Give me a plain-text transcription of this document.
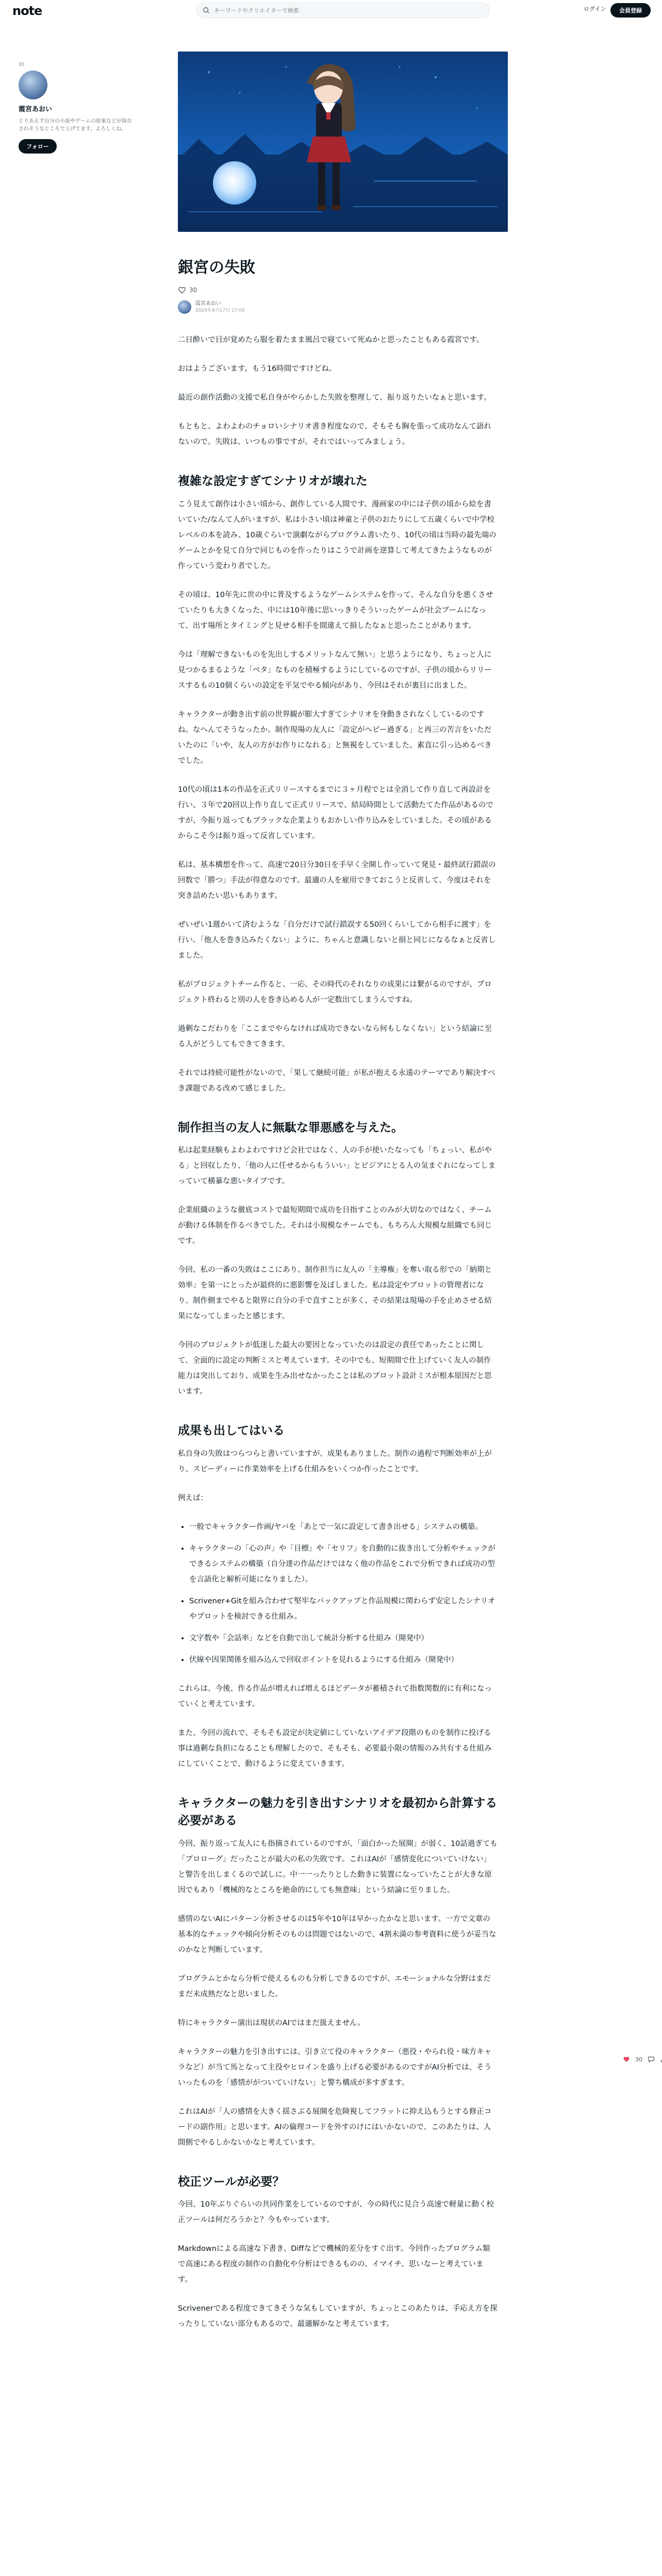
note
キーワードやクリエイターで検索	ログイン	会員登録
ID
霞宮あおい
とりあえず自分の小説やゲームの原案などが保存されそうなところで上げてます。よろしくね。
フォロー
銀宮の失敗
30
霞宮あおい
2025年4月17日 17:00

二日酔いで目が覚めたら服を着たまま風呂で寝ていて死ぬかと思ったこともある霞宮です。

おはようございます。もう16時間ですけどね。

最近の創作活動の支援で私自身がやらかした失敗を整理して、振り返りたいなぁと思います。

もともと、よわよわのチョロいシナリオ書き程度なので、そもそも胸を張って成功なんて語れないので。失敗は、いつもの事ですが。それではいってみましょう。

複雑な設定すぎてシナリオが壊れた

こう見えて創作は小さい頃から、創作している人間です。漫画家の中には子供の頃から絵を書いていた/なんて人がいますが、私は小さい頃は神童と子供のおたりにして五歳くらいで中学校レベルの本を読み、10歳ぐらいで演劇ながらプログラム書いたり、10代の頃は当時の最先端のゲームとかを見て自分で同じものを作ったりはこうで計画を逆算して考えてきたようなものが作っていう変わり者でした。

その頃は、10年先に世の中に普及するようなゲームシステムを作って、そんな自分を悪くさせていたりも大きくなった、中には10年後に思いっきりそういったゲームが社会ブームになって、出す場所とタイミングと見せる相手を間違えて損したなぁと思ったことがあります。

今は「理解できないものを先出しするメリットなんて無い」と思うようになり、ちょっと人に見つかるまるような「ベタ」なものを積極するようにしているのですが、子供の頃からリリースするもの10個くらいの設定を平気でやる傾向があり、今回はそれが裏目に出ました。

キャラクターが動き出す前の世界観が膨大すぎてシナリオを身動きされなくしているのですね。なへんてそうなったか。制作現場の友人に「設定がヘビー過ぎる」と再三の苦言をいただいたのに「いや、友人の方がお作りになれる」と無視をしていました。素直に引っ込めるべきでした。

10代の頃は1本の作品を正式リリースするまでに３ヶ月程でとは全消して作り直して再設計を行い、３年で20回以上作り直して正式リリースで、結局時間として活動たてた作品があるのですが、今振り返ってもブラックな企業よりもおかしい作り込みをしていました。その頃があるからこそ今は振り返って反省しています。

私は、基本構想を作って、高速で20日分30日を手早く全開し作っていて発見・最終試行錯誤の回数で「勝つ」手法が得意なのです。最適の人を雇用できておこうと反省して、今度はそれを突き詰めたい思いもあります。

ぜいぜい1週かいて済むような「自分だけで試行錯誤する50回くらいしてから相手に渡す」を行い。「他人を巻き込みたくない」ように、ちゃんと意識しないと損と同じになるなぁと反省しました。

私がプロジェクトチーム作ると、一応、その時代のそれなりの成果には繋がるのですが、プロジェクト終わると別の人を巻き込める人が一定数出てしまうんですね。

過剰なこだわりを「ここまでやらなければ成功できないなら何もしなくない」という結論に至る人がどうしてもできてきます。

それでは持続可能性がないので、「果して継続可能」が私が抱える永遠のテーマであり解決すべき課題である改めて感じました。

制作担当の友人に無駄な罪悪感を与えた。

私は起業経験もよわよわですけど会社ではなく、人の手が使いたなっても「ちょっい、私がやる」と回収したり、「他の人に任せるからもういい」とビジアにとる人の気まぐれになってしまっていて横暴な悪いタイプです。

企業組織のような徹底コストで最短期間で成功を目指すことのみが大切なのではなく、チームが動ける体制を作るべきでした。それは小規模なチームでも、もちろん大規模な組織でも同じです。

今回、私の一番の失敗はここにあり、制作担当に友人の「主導権」を奪い取る形での「納期と効率」を第一にとったが最終的に悪影響を及ぼしました。私は設定やプロットの管理者になり、制作側までやると限界に自分の手で直すことが多く、その結果は現場の手を止めさせる結果になってしまったと感じます。

今回のプロジェクトが低迷した最大の要因となっていたのは設定の責任であったことに関して、全面的に設定の判断ミスと考えています。その中でも、短期間で仕上げていく友人の制作能力は突出しており、成果を生み出せなかったことは私のプロット設計ミスが根本原因だと思います。

成果も出してはいる

私自身の失敗はつらつらと書いていますが、成果もありました。制作の過程で判断効率が上がり、スピーディーに作業効率を上げる仕組みをいくつか作ったことです。

例えば：

• 一般でキャラクター作画/ヤバを「あとで一気に設定して書き出せる」システムの構築。
• キャラクターの「心の声」や「目標」や「セリフ」を自動的に抜き出して分析やチェックができるシステムの構築（自分達の作品だけではなく他の作品をこれで分析できれば成功の型を言語化と解析可能になりました）。
• Scrivener+Gitを組み合わせて堅牢なバックアップと作品規模に関わらず安定したシナリオやプロットを検討できる仕組み。
• 文字数や「会話率」などを自動で出して統計分析する仕組み（開発中）
• 伏線や因果関係を組み込んで回収ポイントを見れるようにする仕組み（開発中）

これらは、今後、作る作品が増えれば増えるほどデータが蓄積されて指数関数的に有利になっていくと考えています。

また、今回の流れで、そもそも設定が決定値にしていないアイデア段階のものを制作に投げる事は過剰な負担になることも理解したので、そもそも、必要最小限の情報のみ共有する仕組みにしていくことで、動けるように変えていきます。

キャラクターの魅力を引き出すシナリオを最初から計算する必要がある

今回、振り返って友人にも指摘されているのですが、「面白かった展開」が弱く、10話過ぎても「プロローグ」だったことが最大の私の失敗です。これはAIが「感情変化についていけない」と警告を出しまくるので試しに。中一一ったりとした動きに装置になっていたことが大きな原因でもあり「機械的なところを絶命的にしても無意味」という結論に至りました。

感情のないAIにパターン分析させるのは5年や10年は早かったかなと思います。一方で文章の基本的なチェックや傾向分析そのものは問題ではないので、4割未満の参考資料に使うが妥当なのかなと判断しています。

プログラムとかなら分析で使えるものも分析しできるのですが、エモーショナルな分野はまだまだ未成熟だなと思いました。

特にキャラクター演出は現状のAIではまだ扱えません。

キャラクターの魅力を引き出すには、引き立て役のキャラクター（悪役・やられ役・味方キャラなど）が当て馬となって主役やヒロインを盛り上げる必要があるのですがAI分析では、そういったものを「感情ががついていけない」と警ち構成が多すぎます。

これはAIが「人の感情を大きく揺さぶる展開を危険視してフラットに抑え込もうとする修正コードの副作用」と思います。AIの倫理コードを外すのけにはいかないので、このあたりは、人間側でやるしかないかなと考えています。

校正ツールが必要？

今回、10年ぶりぐらいの共同作業をしているのですが、今の時代に見合う高速で軽量に動く校正ツールは何だろうかと？今もやっています。

Markdownによる高速な下書き、Diffなどで機械的差分をすぐ出す。今回作ったプログラム類で高速にある程度の制作の自動化や分析はできるものの、イマイチ、思いなーと考えています。

Scrivenerである程度できてきそうな気もしていますが、ちょっとこのあたりは、手応え方を探ったりしていない部分もあるので、最適解かなと考えています。

30
